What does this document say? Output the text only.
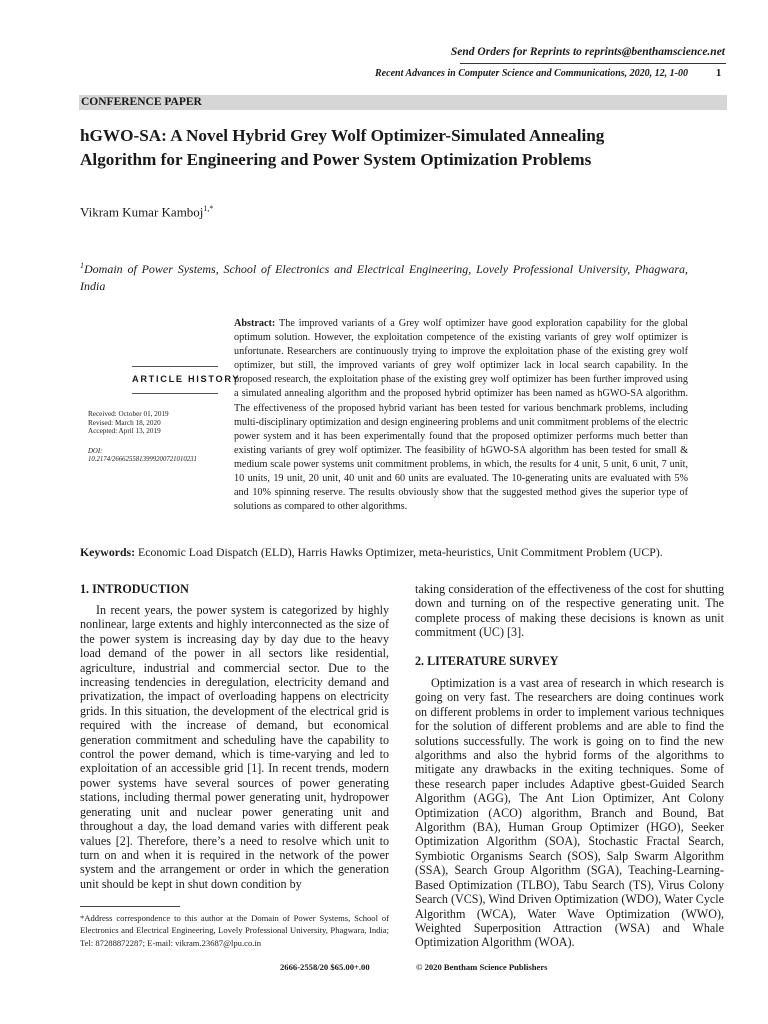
Send Orders for Reprints to reprints@benthamscience.net
Recent Advances in Computer Science and Communications, 2020, 12, 1-00	1
CONFERENCE PAPER
hGWO-SA: A Novel Hybrid Grey Wolf Optimizer-Simulated Annealing
Algorithm for Engineering and Power System Optimization Problems
Vikram Kumar Kamboj$^{1,*}$
$^1$Domain of Power Systems, School of Electronics and Electrical Engineering, Lovely Professional University, Phagwara, India
ARTICLE HISTORY
Received: October 01, 2019
Revised: March 18, 2020
Accepted: April 13, 2019
DOI:
10.2174/2666255813999200721010231
Abstract: The improved variants of a Grey wolf optimizer have good exploration capability for the global optimum solution. However, the exploitation competence of the existing variants of grey wolf optimizer is unfortunate. Researchers are continuously trying to improve the exploitation phase of the existing grey wolf optimizer, but still, the improved variants of grey wolf optimizer lack in local search capability. In the proposed research, the exploitation phase of the existing grey wolf optimizer has been further improved using a simulated annealing algorithm and the proposed hybrid optimizer has been named as hGWO-SA algorithm. The effectiveness of the proposed hybrid variant has been tested for various benchmark problems, including multi-disciplinary optimization and design engineering problems and unit commitment problems of the electric power system and it has been experimentally found that the proposed optimizer performs much better than existing variants of grey wolf optimizer. The feasibility of hGWO-SA algorithm has been tested for small & medium scale power systems unit commitment problems, in which, the results for 4 unit, 5 unit, 6 unit, 7 unit, 10 units, 19 unit, 20 unit, 40 unit and 60 units are evaluated. The 10-generating units are evaluated with 5% and 10% spinning reserve. The results obviously show that the suggested method gives the superior type of solutions as compared to other algorithms.
Keywords: Economic Load Dispatch (ELD), Harris Hawks Optimizer, meta-heuristics, Unit Commitment Problem (UCP).
1. INTRODUCTION

In recent years, the power system is categorized by highly nonlinear, large extents and highly interconnected as the size of the power system is increasing day by day due to the heavy load demand of the power in all sectors like residential, agriculture, industrial and commercial sector. Due to the increasing tendencies in deregulation, electricity demand and privatization, the impact of overloading happens on electricity grids. In this situation, the development of the electrical grid is required with the increase of demand, but economical generation commitment and scheduling have the capability to control the power demand, which is time-varying and led to exploitation of an accessible grid [1]. In recent trends, modern power systems have several sources of power generating stations, including thermal power generating unit, hydropower generating unit and nuclear power generating unit and throughout a day, the load demand varies with different peak values [2]. Therefore, there’s a need to resolve which unit to turn on and when it is required in the network of the power system and the arrangement or order in which the generation unit should be kept in shut down condition by

taking consideration of the effectiveness of the cost for shutting down and turning on of the respective generating unit. The complete process of making these decisions is known as unit commitment (UC) [3].

2. LITERATURE SURVEY

Optimization is a vast area of research in which research is going on very fast. The researchers are doing continues work on different problems in order to implement various techniques for the solution of different problems and are able to find the solutions successfully. The work is going on to find the new algorithms and also the hybrid forms of the algorithms to mitigate any drawbacks in the exiting techniques. Some of these research paper includes Adaptive gbest-Guided Search Algorithm (AGG), The Ant Lion Optimizer, Ant Colony Optimization (ACO) algorithm, Branch and Bound, Bat Algorithm (BA), Human Group Optimizer (HGO), Seeker Optimization Algorithm (SOA), Stochastic Fractal Search, Symbiotic Organisms Search (SOS), Salp Swarm Algorithm (SSA), Search Group Algorithm (SGA), Teaching-Learning-Based Optimization (TLBO), Tabu Search (TS), Virus Colony Search (VCS), Wind Driven Optimization (WDO), Water Cycle Algorithm (WCA), Water Wave Optimization (WWO), Weighted Superposition Attraction (WSA) and Whale Optimization Algorithm (WOA).

*Address correspondence to this author at the Domain of Power Systems, School of Electronics and Electrical Engineering, Lovely Professional University, Phagwara, India; Tel: 87288872287; E-mail: vikram.23687@lpu.co.in
2666-2558/20 $65.00+.00	© 2020 Bentham Science Publishers
